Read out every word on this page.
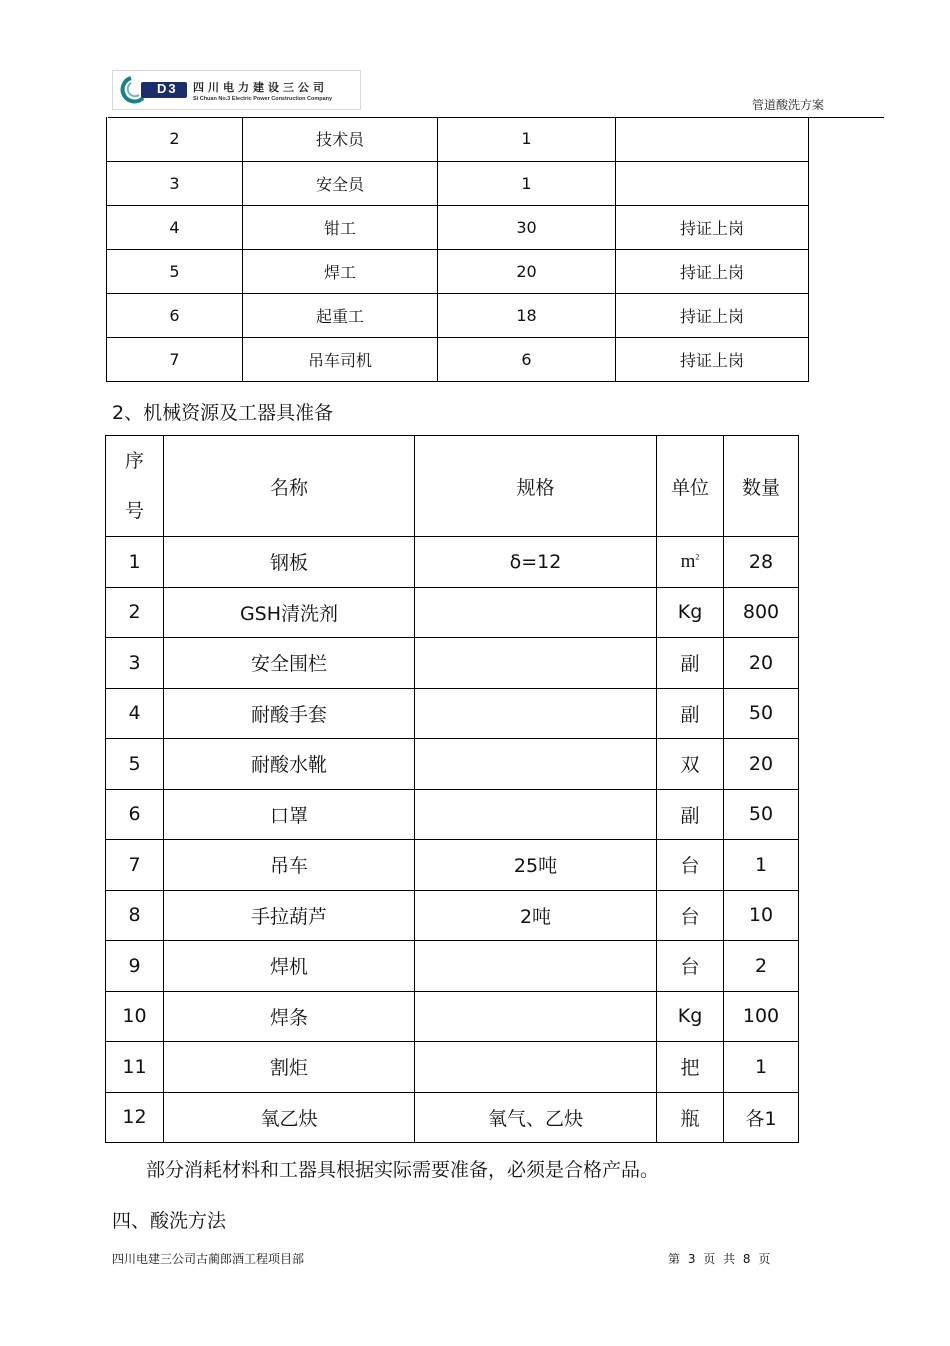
D3 四川电力建设三公司
Si Chuan No.3 Electric Power Construction Company	管道酸洗方案
2	技术员	1	
3	安全员	1	
4	钳工	30	持证上岗
5	焊工	20	持证上岗
6	起重工	18	持证上岗
7	吊车司机	6	持证上岗
2、机械资源及工器具准备
序
号	名称	规格	单位	数量
1	钢板	δ=12	$m^2$	28
2	GSH清洗剂		Kg	800
3	安全围栏		副	20
4	耐酸手套		副	50
5	耐酸水靴		双	20
6	口罩		副	50
7	吊车	25吨	台	1
8	手拉葫芦	2吨	台	10
9	焊机		台	2
10	焊条		Kg	100
11	割炬		把	1
12	氧乙炔	氧气、乙炔	瓶	各1
部分消耗材料和工器具根据实际需要准备，必须是合格产品。
四、酸洗方法
四川电建三公司古蔺郎酒工程项目部	第 3 页 共 8 页
